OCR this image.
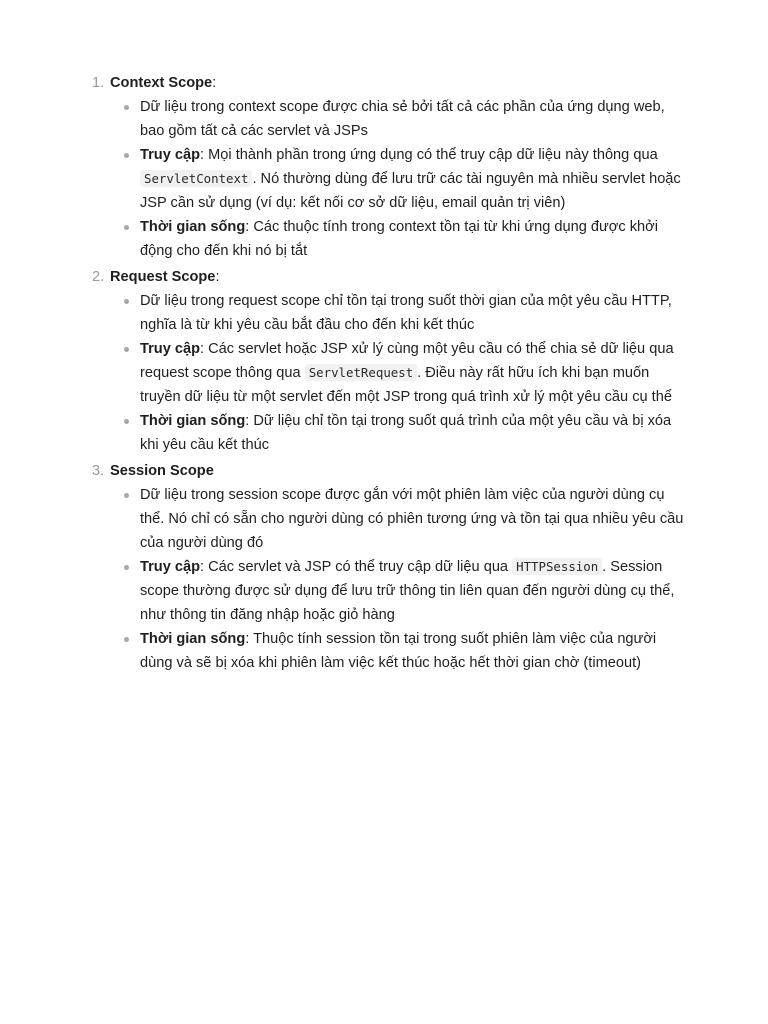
1. Context Scope:
Dữ liệu trong context scope được chia sẻ bởi tất cả các phần của ứng dụng web, bao gồm tất cả các servlet và JSPs
Truy cập: Mọi thành phần trong ứng dụng có thể truy cập dữ liệu này thông qua ServletContext . Nó thường dùng để lưu trữ các tài nguyên mà nhiều servlet hoặc JSP cần sử dụng (ví dụ: kết nối cơ sở dữ liệu, email quản trị viên)
Thời gian sống: Các thuộc tính trong context tồn tại từ khi ứng dụng được khởi động cho đến khi nó bị tắt
2. Request Scope:
Dữ liệu trong request scope chỉ tồn tại trong suốt thời gian của một yêu cầu HTTP, nghĩa là từ khi yêu cầu bắt đầu cho đến khi kết thúc
Truy cập: Các servlet hoặc JSP xử lý cùng một yêu cầu có thể chia sẻ dữ liệu qua request scope thông qua ServletRequest . Điều này rất hữu ích khi bạn muốn truyền dữ liệu từ một servlet đến một JSP trong quá trình xử lý một yêu cầu cụ thể
Thời gian sống: Dữ liệu chỉ tồn tại trong suốt quá trình của một yêu cầu và bị xóa khi yêu cầu kết thúc
3. Session Scope
Dữ liệu trong session scope được gắn với một phiên làm việc của người dùng cụ thể. Nó chỉ có sẵn cho người dùng có phiên tương ứng và tồn tại qua nhiều yêu cầu của người dùng đó
Truy cập: Các servlet và JSP có thể truy cập dữ liệu qua HTTPSession . Session scope thường được sử dụng để lưu trữ thông tin liên quan đến người dùng cụ thể, như thông tin đăng nhập hoặc giỏ hàng
Thời gian sống: Thuộc tính session tồn tại trong suốt phiên làm việc của người dùng và sẽ bị xóa khi phiên làm việc kết thúc hoặc hết thời gian chờ (timeout)
